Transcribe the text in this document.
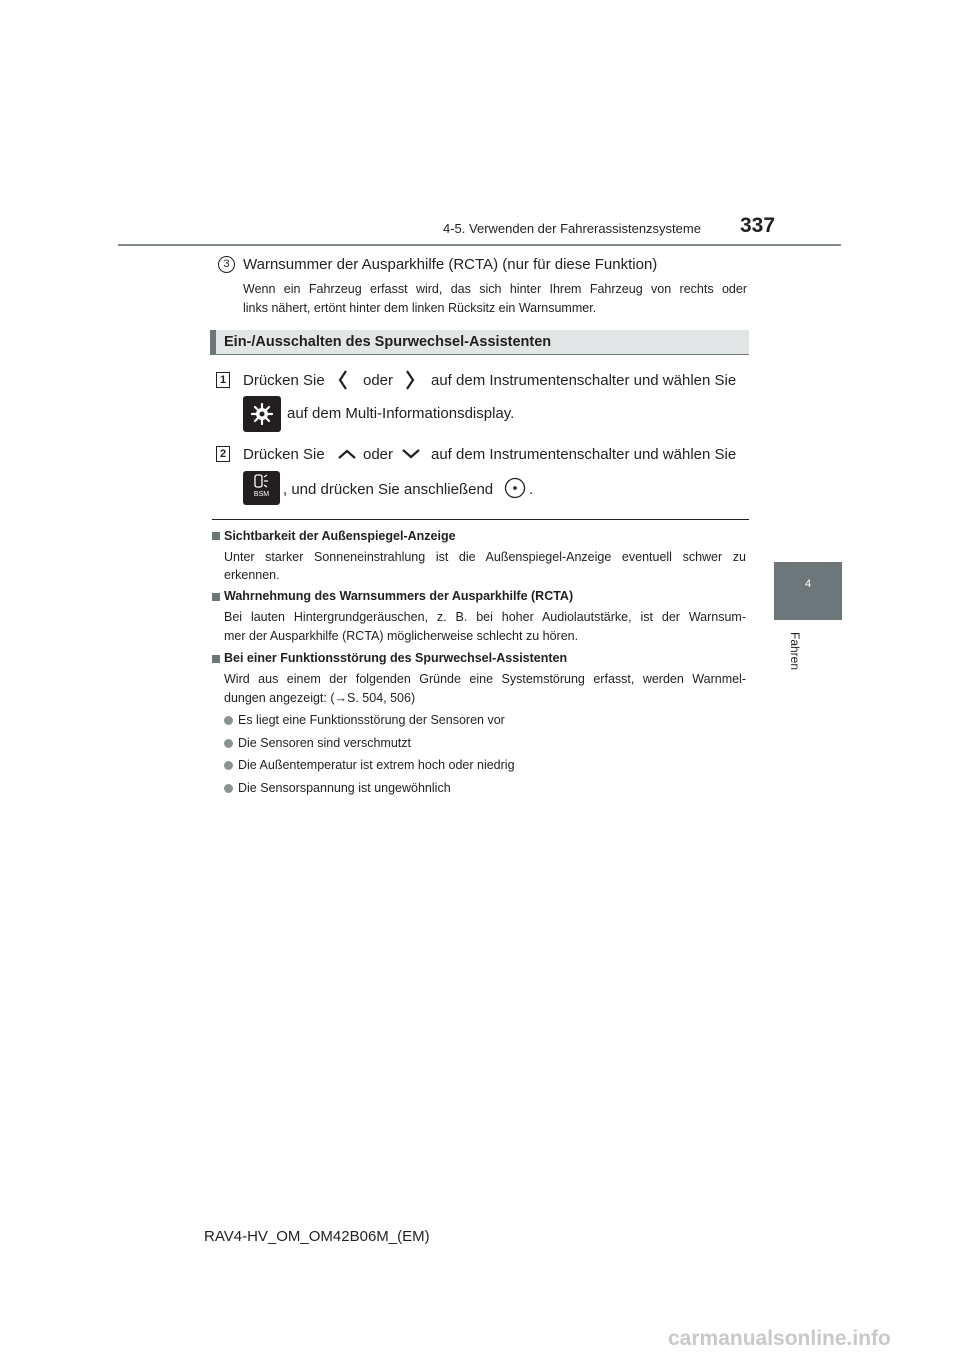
4-5. Verwenden der Fahrerassistenzsysteme 337
4
Fahren
3 Warnsummer der Ausparkhilfe (RCTA) (nur für diese Funktion)
Wenn ein Fahrzeug erfasst wird, das sich hinter Ihrem Fahrzeug von rechts oder
links nähert, ertönt hinter dem linken Rücksitz ein Warnsummer.
Ein-/Ausschalten des Spurwechsel-Assistenten
1 Drücken Sie	oder	auf dem Instrumentenschalter und wählen Sie
auf dem Multi-Informationsdisplay.
2 Drücken Sie	oder	auf dem Instrumentenschalter und wählen Sie
BSM , und drücken Sie anschließend .
Sichtbarkeit der Außenspiegel-Anzeige
Unter starker Sonneneinstrahlung ist die Außenspiegel-Anzeige eventuell schwer zu
erkennen.
Wahrnehmung des Warnsummers der Ausparkhilfe (RCTA)
Bei lauten Hintergrundgeräuschen, z. B. bei hoher Audiolautstärke, ist der Warnsum-
mer der Ausparkhilfe (RCTA) möglicherweise schlecht zu hören.
Bei einer Funktionsstörung des Spurwechsel-Assistenten
Wird aus einem der folgenden Gründe eine Systemstörung erfasst, werden Warnmel-
dungen angezeigt: (→S. 504, 506)
Es liegt eine Funktionsstörung der Sensoren vor
Die Sensoren sind verschmutzt
Die Außentemperatur ist extrem hoch oder niedrig
Die Sensorspannung ist ungewöhnlich
RAV4-HV_OM_OM42B06M_(EM)
carmanualsonline.info
